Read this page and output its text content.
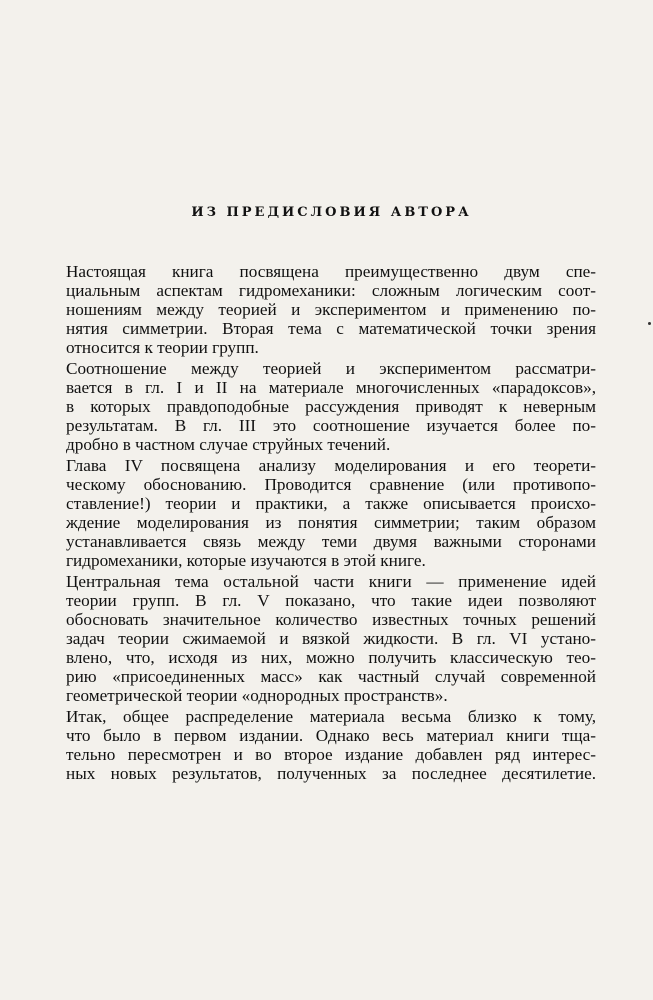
ИЗ ПРЕДИСЛОВИЯ АВТОРА

Настоящая книга посвящена преимущественно двум спе-
циальным аспектам гидромеханики: сложным логическим соот-
ношениям между теорией и экспериментом и применению по-
нятия симметрии. Вторая тема с математической точки зрения
относится к теории групп.

Соотношение между теорией и экспериментом рассматри-
вается в гл. I и II на материале многочисленных «парадоксов»,
в которых правдоподобные рассуждения приводят к неверным
результатам. В гл. III это соотношение изучается более по-
дробно в частном случае струйных течений.

Глава IV посвящена анализу моделирования и его теорети-
ческому обоснованию. Проводится сравнение (или противопо-
ставление!) теории и практики, а также описывается происхо-
ждение моделирования из понятия симметрии; таким образом
устанавливается связь между теми двумя важными сторонами
гидромеханики, которые изучаются в этой книге.

Центральная тема остальной части книги — применение идей
теории групп. В гл. V показано, что такие идеи позволяют
обосновать значительное количество известных точных решений
задач теории сжимаемой и вязкой жидкости. В гл. VI устано-
влено, что, исходя из них, можно получить классическую тео-
рию «присоединенных масс» как частный случай современной
геометрической теории «однородных пространств».

Итак, общее распределение материала весьма близко к тому,
что было в первом издании. Однако весь материал книги тща-
тельно пересмотрен и во второе издание добавлен ряд интерес-
ных новых результатов, полученных за последнее десятилетие.
